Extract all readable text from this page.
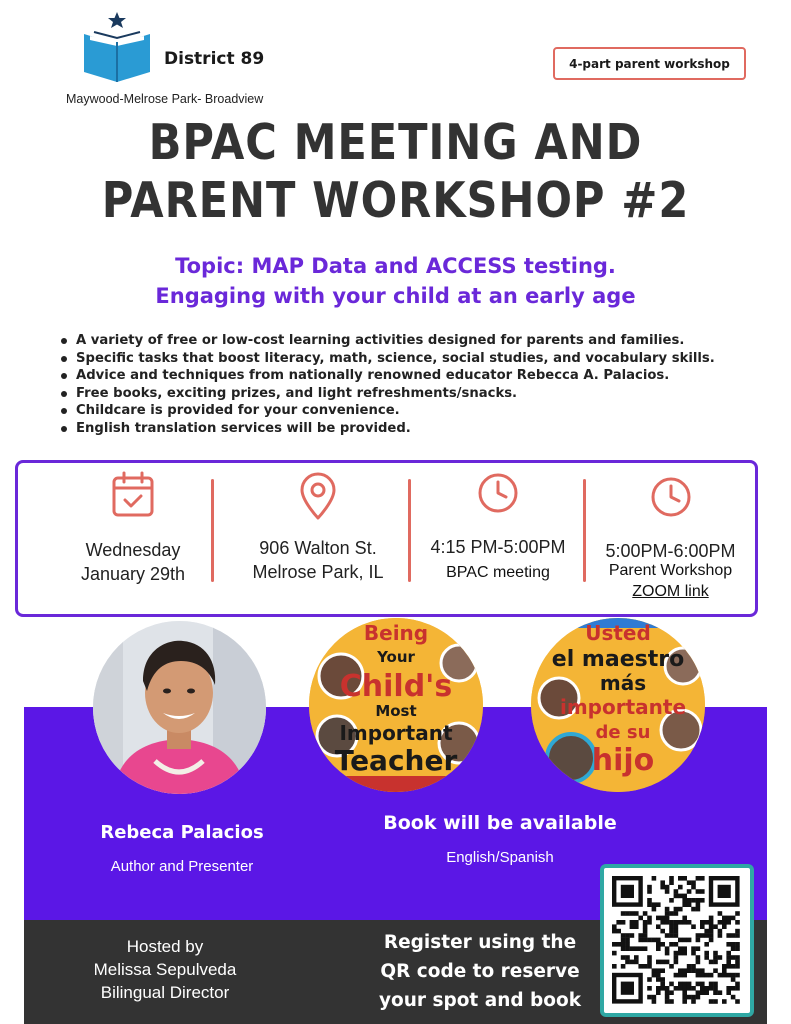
District 89
Maywood-Melrose Park- Broadview
4-part parent workshop
BPAC MEETING AND
PARENT WORKSHOP #2
Topic: MAP Data and ACCESS testing.
Engaging with your child at an early age
A variety of free or low-cost learning activities designed for parents and families.
Specific tasks that boost literacy, math, science, social studies, and vocabulary skills.
Advice and techniques from nationally renowned educator Rebecca A. Palacios.
Free books, exciting prizes, and light refreshments/snacks.
Childcare is provided for your convenience.
English translation services will be provided.
Wednesday
January 29th
906 Walton St.
Melrose Park, IL
4:15 PM-5:00PM
BPAC meeting
5:00PM-6:00PM
Parent Workshop
ZOOM link
Being
Your
Child's
Most
Important
Teacher
Usted
el maestro
más
importante
de su
hijo
Rebeca Palacios
Author and Presenter
Book will be available
English/Spanish
Hosted by
Melissa Sepulveda
Bilingual Director
Register using the
QR code to reserve
your spot and book
